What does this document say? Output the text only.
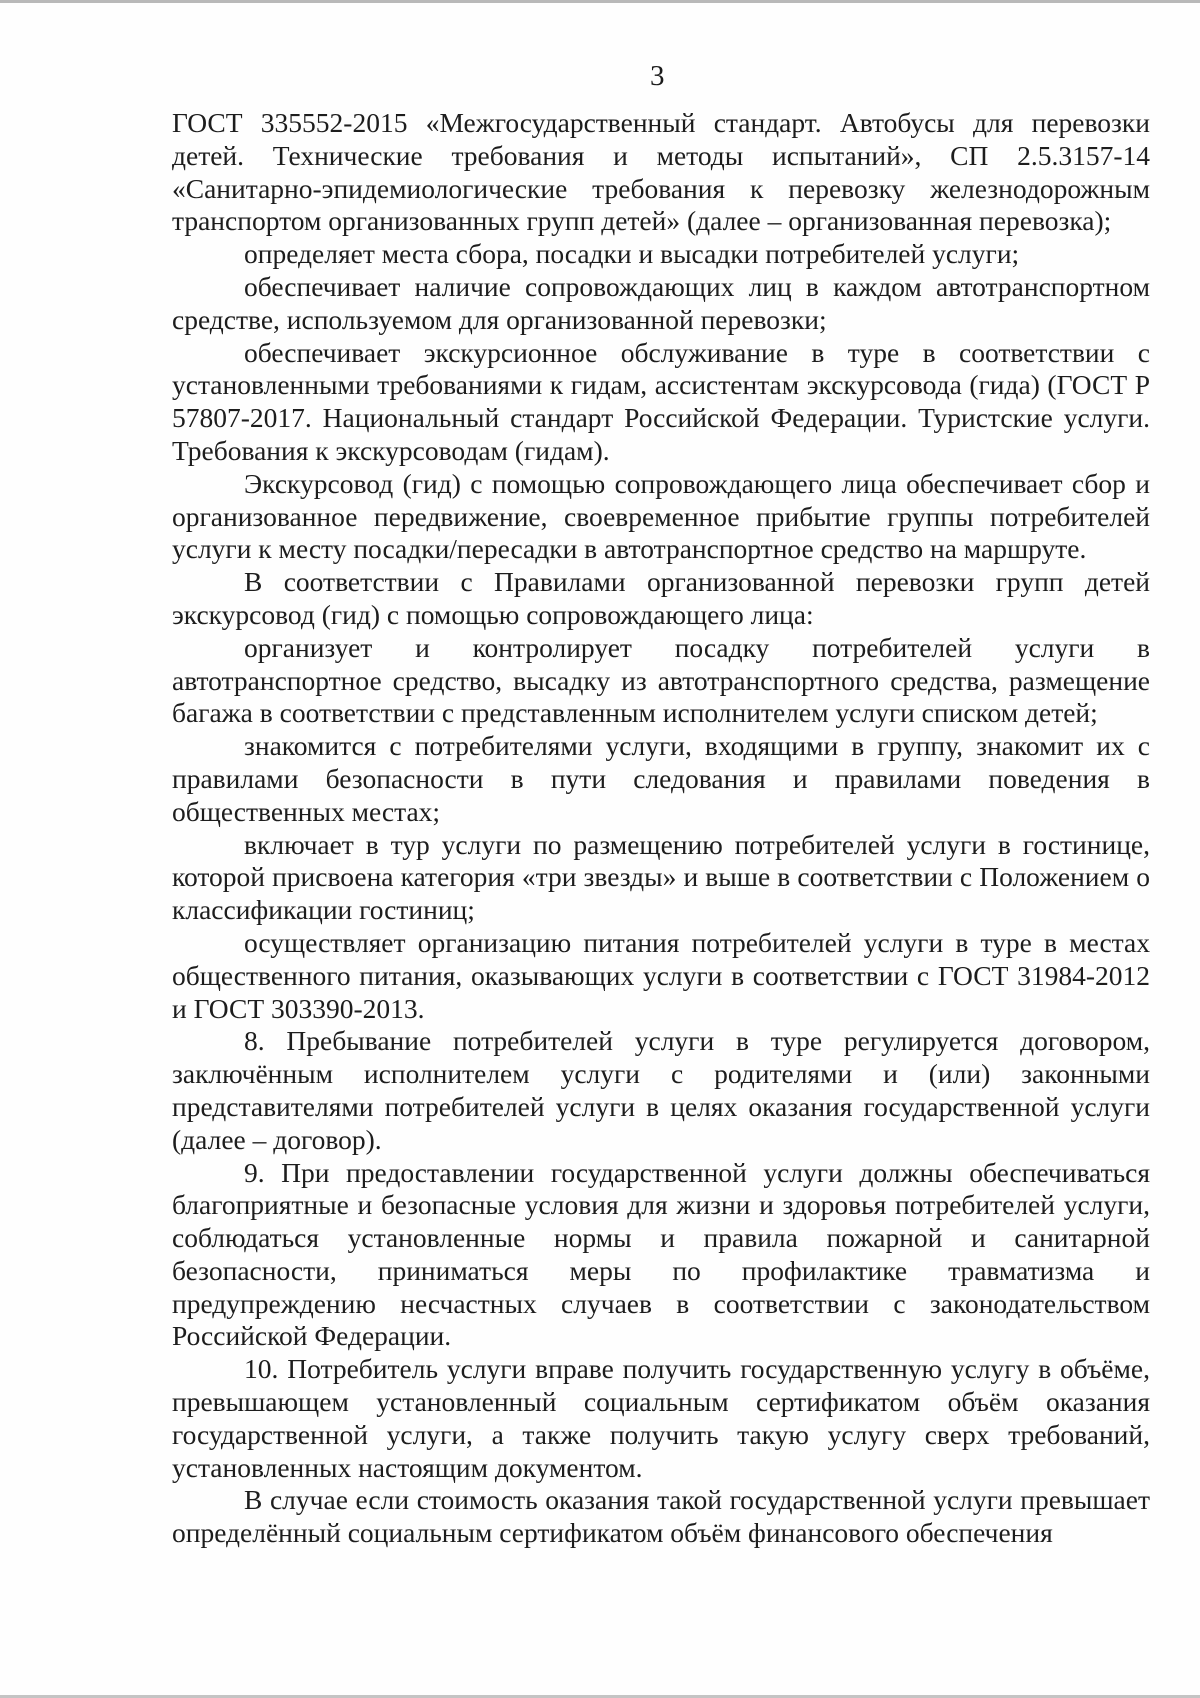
3

ГОСТ 335552-2015 «Межгосударственный стандарт. Автобусы для перевозки детей. Технические требования и методы испытаний», СП 2.5.3157-14 «Санитарно-эпидемиологические требования к перевозку железнодорожным транспортом организованных групп детей» (далее – организованная перевозка);

определяет места сбора, посадки и высадки потребителей услуги;

обеспечивает наличие сопровождающих лиц в каждом автотранспортном средстве, используемом для организованной перевозки;

обеспечивает экскурсионное обслуживание в туре в соответствии с установленными требованиями к гидам, ассистентам экскурсовода (гида) (ГОСТ Р 57807-2017. Национальный стандарт Российской Федерации. Туристские услуги. Требования к экскурсоводам (гидам).

Экскурсовод (гид) с помощью сопровождающего лица обеспечивает сбор и организованное передвижение, своевременное прибытие группы потребителей услуги к месту посадки/пересадки в автотранспортное средство на маршруте.

В соответствии с Правилами организованной перевозки групп детей экскурсовод (гид) с помощью сопровождающего лица:

организует и контролирует посадку потребителей услуги в автотранспортное средство, высадку из автотранспортного средства, размещение багажа в соответствии с представленным исполнителем услуги списком детей;

знакомится с потребителями услуги, входящими в группу, знакомит их с правилами безопасности в пути следования и правилами поведения в общественных местах;

включает в тур услуги по размещению потребителей услуги в гостинице, которой присвоена категория «три звезды» и выше в соответствии с Положением о классификации гостиниц;

осуществляет организацию питания потребителей услуги в туре в местах общественного питания, оказывающих услуги в соответствии с ГОСТ 31984-2012 и ГОСТ 303390-2013.

8. Пребывание потребителей услуги в туре регулируется договором, заключённым исполнителем услуги с родителями и (или) законными представителями потребителей услуги в целях оказания государственной услуги (далее – договор).

9. При предоставлении государственной услуги должны обеспечиваться благоприятные и безопасные условия для жизни и здоровья потребителей услуги, соблюдаться установленные нормы и правила пожарной и санитарной безопасности, приниматься меры по профилактике травматизма и предупреждению несчастных случаев в соответствии с законодательством Российской Федерации.

10. Потребитель услуги вправе получить государственную услугу в объёме, превышающем установленный социальным сертификатом объём оказания государственной услуги, а также получить такую услугу сверх требований, установленных настоящим документом.

В случае если стоимость оказания такой государственной услуги превышает определённый социальным сертификатом объём финансового обеспечения
